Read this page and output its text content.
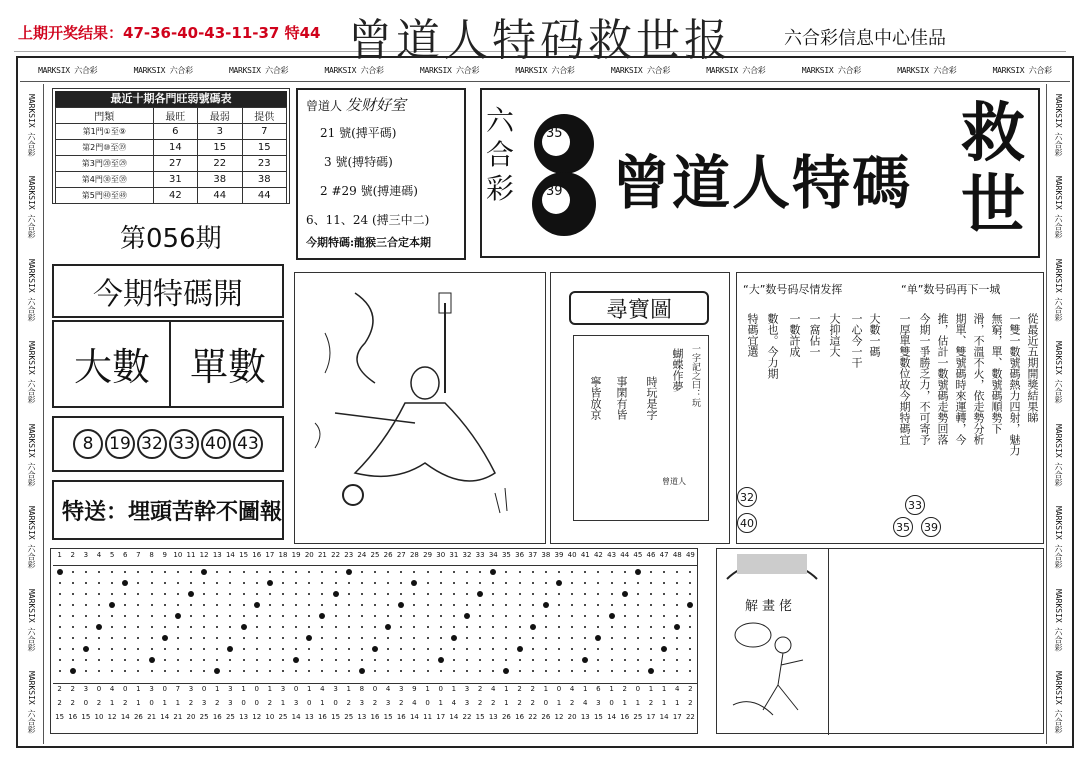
上期开奖结果：47-36-40-43-11-37 特44 曾道人特码救世报	六合彩信息中心佳品
MARKSIX 六合彩	MARKSIX 六合彩	MARKSIX 六合彩	MARKSIX 六合彩	MARKSIX 六合彩	MARKSIX 六合彩	MARKSIX 六合彩	MARKSIX 六合彩	MARKSIX 六合彩	MARKSIX 六合彩	MARKSIX 六合彩
MARKSIX 六合彩
MARKSIX 六合彩
MARKSIX 六合彩
MARKSIX 六合彩
MARKSIX 六合彩
MARKSIX 六合彩
MARKSIX 六合彩
MARKSIX 六合彩
MARKSIX 六合彩
MARKSIX 六合彩
MARKSIX 六合彩
MARKSIX 六合彩
MARKSIX 六合彩
MARKSIX 六合彩
MARKSIX 六合彩
MARKSIX 六合彩
最近十期各門旺弱號碼表
門類	最旺	最弱	提供
第1門①至⑨	6	3	7
第2門⑩至⑲	14	15	15
第3門⑳至㉙	27	22	23
第4門㉚至㊴	31	38	38
第5門㊵至㊾	42	44	44
第056期
曾道人 发财好室
21 號(搏平碼)
3 號(搏特碼)
2 #29 號(搏連碼)
6、11、24 (搏三中二)
今期特碼:龍猴三合定本期
六
合
彩
35
39 曾道人特碼
救
世
今期特碼開
大數	單數
8 19 32 33 40 43
特送： 埋頭苦幹不圖報
尋寶圖
一字記之曰：玩
蝴蝶作夢
時玩是字
事閑有皆
寧皆放京
曾道人
“大”数号码尽情发挥	“单”数号码再下一城
大數一碼
一心今一干
大抑這大
一窩佔一
一數許成
數也。今力期
特碼宜選	從最近五期開獎結果睇
一雙一數號碼熱力四射，魅力
無窮，單、數號碼順勢下
滑，不溫不火，依走勢分析
期單、雙號碼時來運轉，今
推，估計一數號碼走勢回落
今期一爭勝乏力，不可寄予
一厚單雙數位故今期特碼宜
32
40
33
35 39
1	2	3	4	5	6	7	8	9 10 11 12 13 14 15 16 17 18 19 20 21 22 23 24 25 26 27 28 29 30 31 32 33 34 35 36 37 38 39 40 41 42 43 44 45 46 47 48 49
2	2	3	0	4	0	1	3	0	7	3	0	1	3	1	0	1	3	0	1	4	3	1	8	0	4	3	9	1	0	1	3	2	4	1	2	2	1	0	4	1	6	1	2	0	1	1	4	2
2	2	0	2	1	2	1	0	1	1	2	3	2	3	0	0	2	1	3	0	1	0	2	3	2	3	2	4	0	1	4	3	2	2	1	2	2	0	1	2	4	3	0	1	1	2	1	1	2
15 16 15 10 12 14 26 21 14 21 20 25 16 25 13 12 10 25 14 13 16 15 25 13 16 15 16 14 11 17 14 22 15 13 26 16 22 26 12 20 13 15 14 16 25 17 14 17 22
解畫佬
